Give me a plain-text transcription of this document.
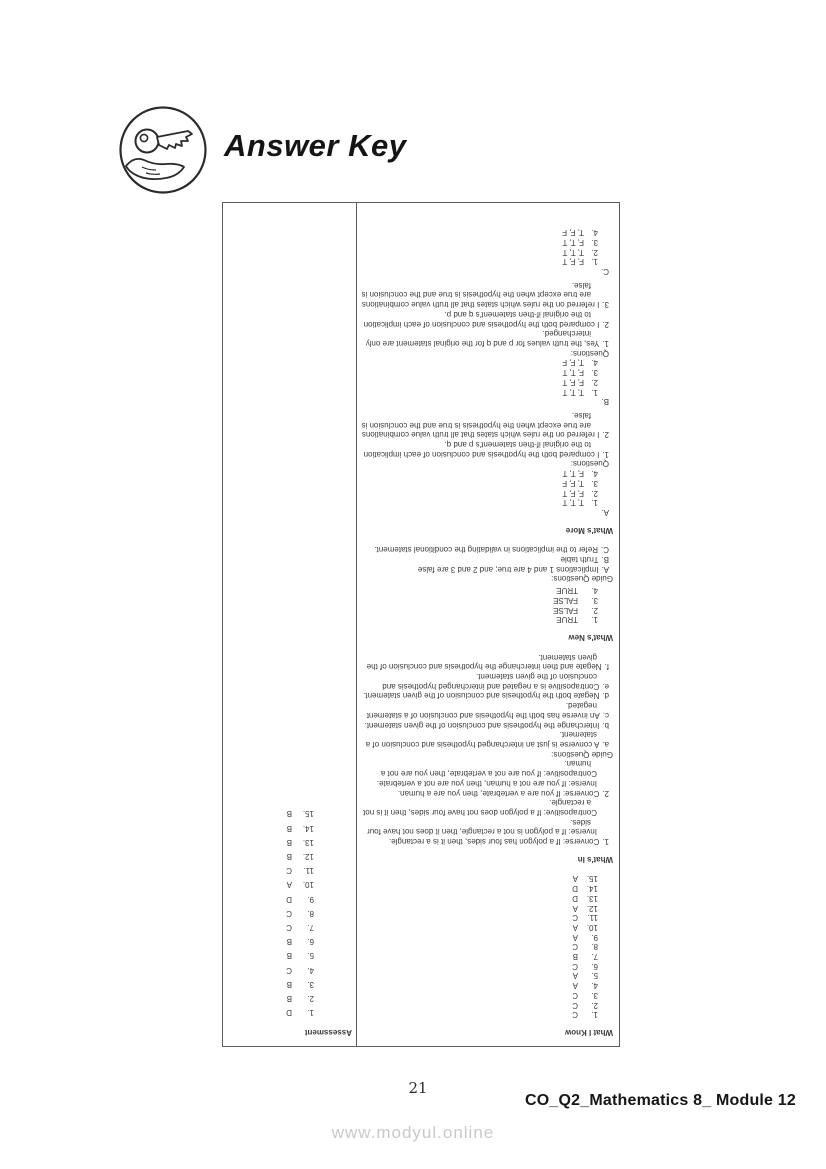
Answer Key
What I Know
1.C
2.C
3.C
4.A
5.A
6.C
7.B
8.C
9.A
10.A
11.C
12.A
13.D
14.D
15.A
What's In
1.Converse: If a polygon has four sides, then it is a rectangle.
Inverse: If a polygon is not a rectangle, then it does not have four sides.
Contrapositive: If a polygon does not have four sides, then it is not a rectangle.
2.Converse: If you are a vertebrate, then you are a human.
Inverse: If you are not a human, then you are not a vertebrate.
Contrapositive: If you are not a vertebrate, then you are not a human.
Guide Questions:
a.A converse is just an interchanged hypothesis and conclusion of a statement.
b.Interchange the hypothesis and conclusion of the given statement.
c.An inverse has both the hypothesis and conclusion of a statement negated.
d.Negate both the hypothesis and conclusion of the given statement.
e.Contrapositive is a negated and interchanged hypothesis and conclusion of the given statement.
f.Negate and then interchange the hypothesis and conclusion of the given statement.
What's New
1.TRUE
2.FALSE
3.FALSE
4.TRUE
Guide Questions:
A.Implications 1 and 4 are true; and 2 and 3 are false
B.Truth table
C.Refer to the implications in validating the conditional statement.
What's More
A.
1.T, T, T
2.F, F, T
3.T, F, F
4.F, T, T
Questions:
1.I compared both the hypothesis and conclusion of each implication to the original if-then statement's p and q.
2.I referred on the rules which states that all truth value combinations are true except when the hypothesis is true and the conclusion is false.
B.
1.T, T, T
2.F, F, T
3.F, T, T
4.T, F, F
Questions:
1.Yes, the truth values for p and q for the original statement are only interchanged.
2.I compared both the hypothesis and conclusion of each implication to the original if-then statement's q and p.
3.I referred on the rules which states that all truth value combinations are true except when the hypothesis is true and the conclusion is false.
C.
1.F, F, T
2.T, T, T
3.F, T, T
4.T, F, F
Assessment
1.D
2.B
3.B
4.C
5.B
6.B
7.C
8.C
9.D
10.A
11.C
12.B
13.B
14.B
15.B
21
CO_Q2_Mathematics 8_ Module 12
www.modyul.online
